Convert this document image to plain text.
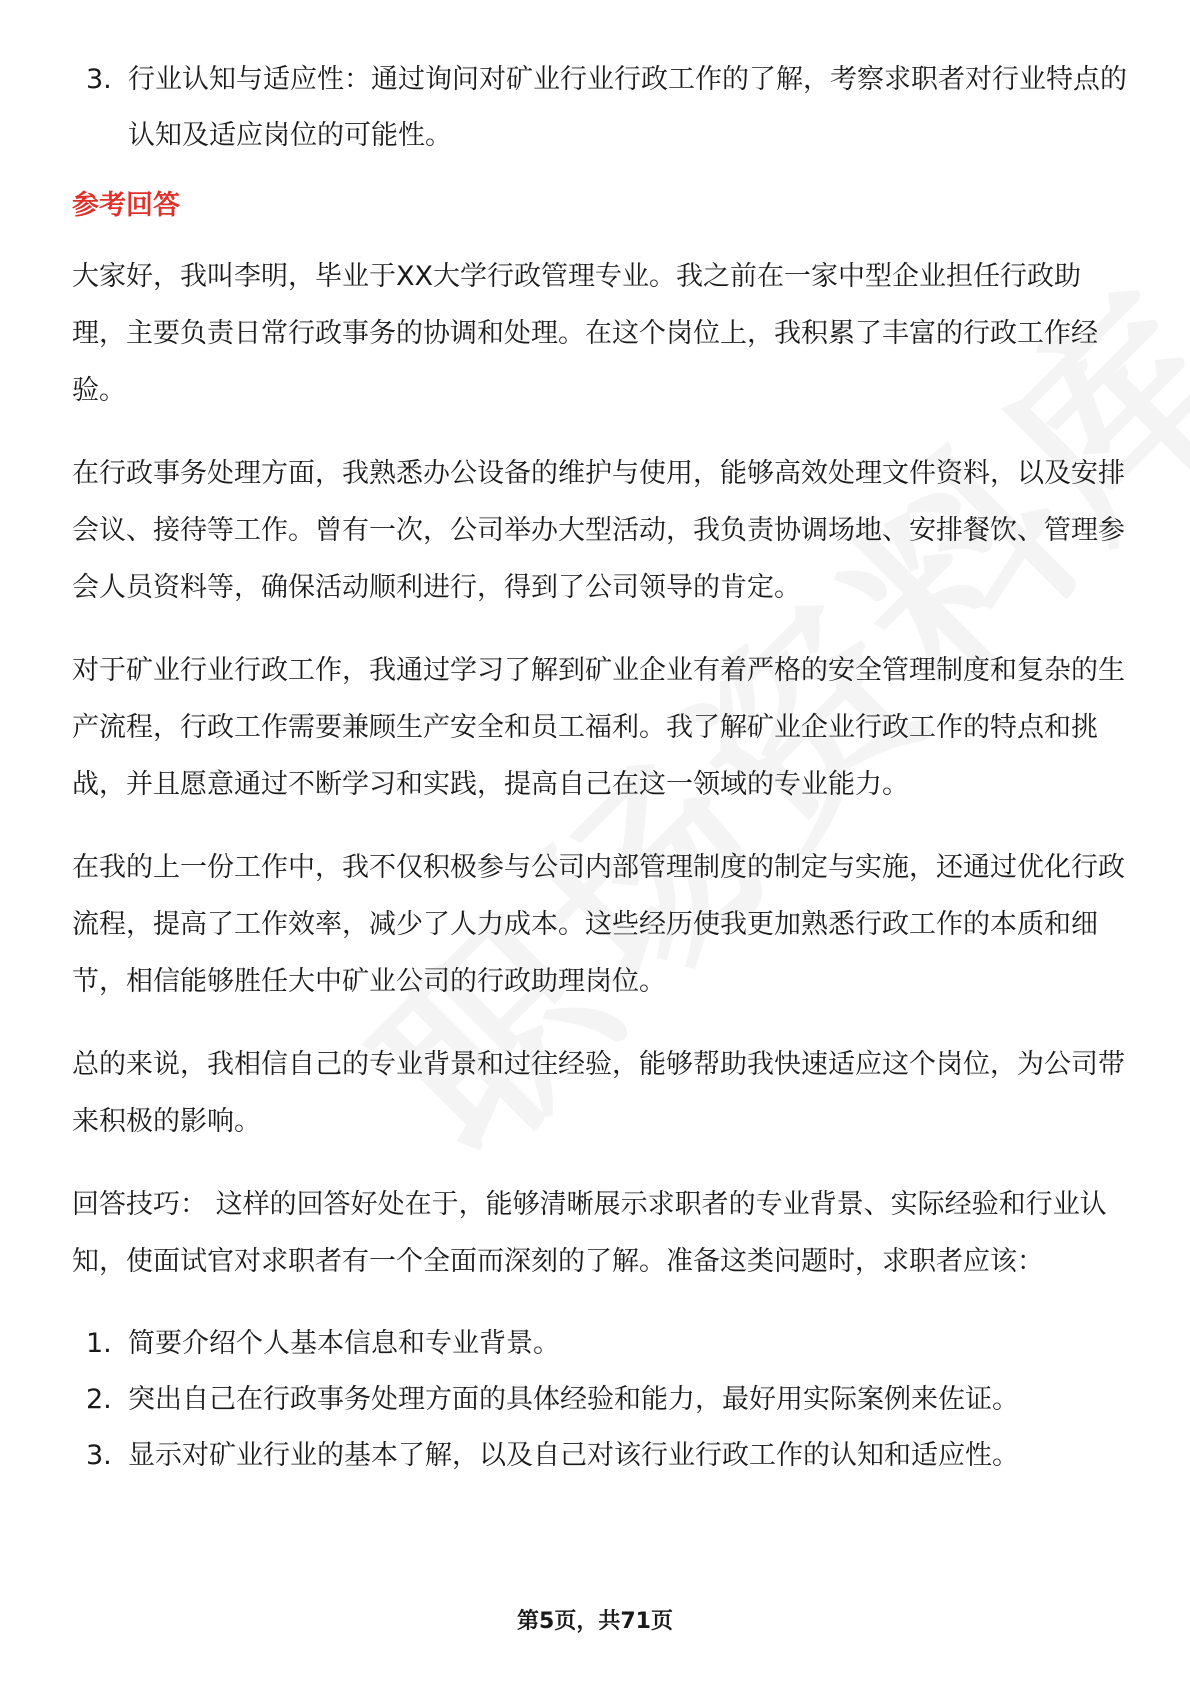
3. 行业认知与适应性：通过询问对矿业行业行政工作的了解，考察求职者对行业特点的认知及适应岗位的可能性。
参考回答

大家好，我叫李明，毕业于XX大学行政管理专业。我之前在一家中型企业担任行政助理，主要负责日常行政事务的协调和处理。在这个岗位上，我积累了丰富的行政工作经验。

在行政事务处理方面，我熟悉办公设备的维护与使用，能够高效处理文件资料，以及安排会议、接待等工作。曾有一次，公司举办大型活动，我负责协调场地、安排餐饮、管理参会人员资料等，确保活动顺利进行，得到了公司领导的肯定。

对于矿业行业行政工作，我通过学习了解到矿业企业有着严格的安全管理制度和复杂的生产流程，行政工作需要兼顾生产安全和员工福利。我了解矿业企业行政工作的特点和挑战，并且愿意通过不断学习和实践，提高自己在这一领域的专业能力。

在我的上一份工作中，我不仅积极参与公司内部管理制度的制定与实施，还通过优化行政流程，提高了工作效率，减少了人力成本。这些经历使我更加熟悉行政工作的本质和细节，相信能够胜任大中矿业公司的行政助理岗位。

总的来说，我相信自己的专业背景和过往经验，能够帮助我快速适应这个岗位，为公司带来积极的影响。

回答技巧： 这样的回答好处在于，能够清晰展示求职者的专业背景、实际经验和行业认知，使面试官对求职者有一个全面而深刻的了解。准备这类问题时，求职者应该：

1. 简要介绍个人基本信息和专业背景。
2. 突出自己在行政事务处理方面的具体经验和能力，最好用实际案例来佐证。
3. 显示对矿业行业的基本了解，以及自己对该行业行政工作的认知和适应性。
第5页，共71页
